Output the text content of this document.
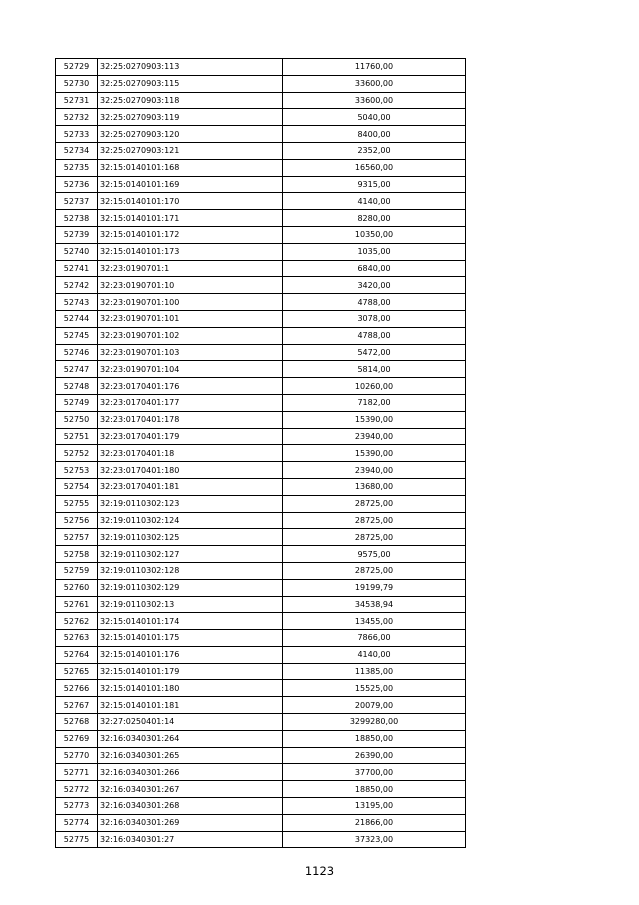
52729	32:25:0270903:113	11760,00
52730	32:25:0270903:115	33600,00
52731	32:25:0270903:118	33600,00
52732	32:25:0270903:119	5040,00
52733	32:25:0270903:120	8400,00
52734	32:25:0270903:121	2352,00
52735	32:15:0140101:168	16560,00
52736	32:15:0140101:169	9315,00
52737	32:15:0140101:170	4140,00
52738	32:15:0140101:171	8280,00
52739	32:15:0140101:172	10350,00
52740	32:15:0140101:173	1035,00
52741	32:23:0190701:1	6840,00
52742	32:23:0190701:10	3420,00
52743	32:23:0190701:100	4788,00
52744	32:23:0190701:101	3078,00
52745	32:23:0190701:102	4788,00
52746	32:23:0190701:103	5472,00
52747	32:23:0190701:104	5814,00
52748	32:23:0170401:176	10260,00
52749	32:23:0170401:177	7182,00
52750	32:23:0170401:178	15390,00
52751	32:23:0170401:179	23940,00
52752	32:23:0170401:18	15390,00
52753	32:23:0170401:180	23940,00
52754	32:23:0170401:181	13680,00
52755	32:19:0110302:123	28725,00
52756	32:19:0110302:124	28725,00
52757	32:19:0110302:125	28725,00
52758	32:19:0110302:127	9575,00
52759	32:19:0110302:128	28725,00
52760	32:19:0110302:129	19199,79
52761	32:19:0110302:13	34538,94
52762	32:15:0140101:174	13455,00
52763	32:15:0140101:175	7866,00
52764	32:15:0140101:176	4140,00
52765	32:15:0140101:179	11385,00
52766	32:15:0140101:180	15525,00
52767	32:15:0140101:181	20079,00
52768	32:27:0250401:14	3299280,00
52769	32:16:0340301:264	18850,00
52770	32:16:0340301:265	26390,00
52771	32:16:0340301:266	37700,00
52772	32:16:0340301:267	18850,00
52773	32:16:0340301:268	13195,00
52774	32:16:0340301:269	21866,00
52775	32:16:0340301:27	37323,00
1123
